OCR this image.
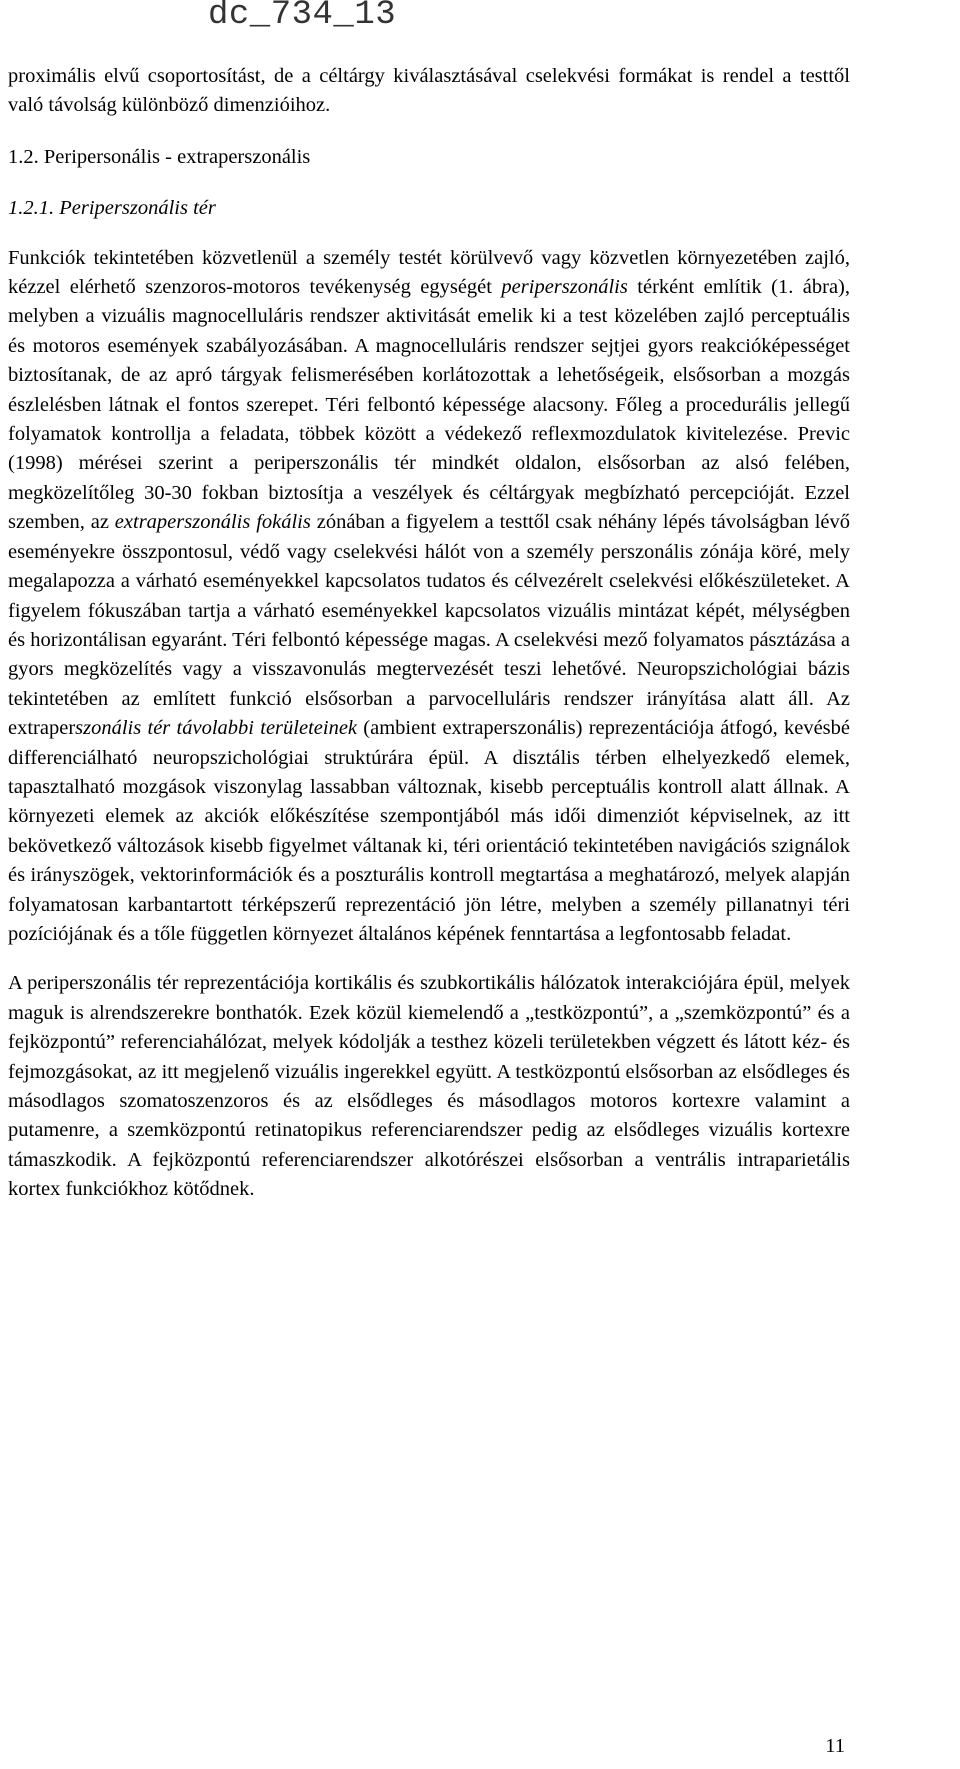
dc_734_13

proximális elvű csoportosítást, de a céltárgy kiválasztásával cselekvési formákat is rendel a testtől való távolság különböző dimenzióihoz.

1.2. Peripersonális - extraperszonális
1.2.1. Periperszonális tér

Funkciók tekintetében közvetlenül a személy testét körülvevő vagy közvetlen környezetében zajló, kézzel elérhető szenzoros-motoros tevékenység egységét periperszonális térként említik (1. ábra), melyben a vizuális magnocelluláris rendszer aktivitását emelik ki a test közelében zajló perceptuális és motoros események szabályozásában. A magnocelluláris rendszer sejtjei gyors reakcióképességet biztosítanak, de az apró tárgyak felismerésében korlátozottak a lehetőségeik, elsősorban a mozgás észlelésben látnak el fontos szerepet. Téri felbontó képessége alacsony. Főleg a procedurális jellegű folyamatok kontrollja a feladata, többek között a védekező reflexmozdulatok kivitelezése. Previc (1998) mérései szerint a periperszonális tér mindkét oldalon, elsősorban az alsó felében, megközelítőleg 30-30 fokban biztosítja a veszélyek és céltárgyak megbízható percepcióját. Ezzel szemben, az extraperszonális fokális zónában a figyelem a testtől csak néhány lépés távolságban lévő eseményekre összpontosul, védő vagy cselekvési hálót von a személy perszonális zónája köré, mely megalapozza a várható eseményekkel kapcsolatos tudatos és célvezérelt cselekvési előkészületeket. A figyelem fókuszában tartja a várható eseményekkel kapcsolatos vizuális mintázat képét, mélységben és horizontálisan egyaránt. Téri felbontó képessége magas. A cselekvési mező folyamatos pásztázása a gyors megközelítés vagy a visszavonulás megtervezését teszi lehetővé. Neuropszichológiai bázis tekintetében az említett funkció elsősorban a parvocelluláris rendszer irányítása alatt áll. Az extraperszonális tér távolabbi területeinek (ambient extraperszonális) reprezentációja átfogó, kevésbé differenciálható neuropszichológiai struktúrára épül. A disztális térben elhelyezkedő elemek, tapasztalható mozgások viszonylag lassabban változnak, kisebb perceptuális kontroll alatt állnak. A környezeti elemek az akciók előkészítése szempontjából más idői dimenziót képviselnek, az itt bekövetkező változások kisebb figyelmet váltanak ki, téri orientáció tekintetében navigációs szignálok és irányszögek, vektorinformációk és a poszturális kontroll megtartása a meghatározó, melyek alapján folyamatosan karbantartott térképszerű reprezentáció jön létre, melyben a személy pillanatnyi téri pozíciójának és a tőle független környezet általános képének fenntartása a legfontosabb feladat.

A periperszonális tér reprezentációja kortikális és szubkortikális hálózatok interakciójára épül, melyek maguk is alrendszerekre bonthatók. Ezek közül kiemelendő a „testközpontú”, a „szemközpontú” és a fejközpontú” referenciahálózat, melyek kódolják a testhez közeli területekben végzett és látott kéz- és fejmozgásokat, az itt megjelenő vizuális ingerekkel együtt. A testközpontú elsősorban az elsődleges és másodlagos szomatoszenzoros és az elsődleges és másodlagos motoros kortexre valamint a putamenre, a szemközpontú retinatopikus referenciarendszer pedig az elsődleges vizuális kortexre támaszkodik. A fejközpontú referenciarendszer alkotórészei elsősorban a ventrális intraparietális kortex funkciókhoz kötődnek.

11
